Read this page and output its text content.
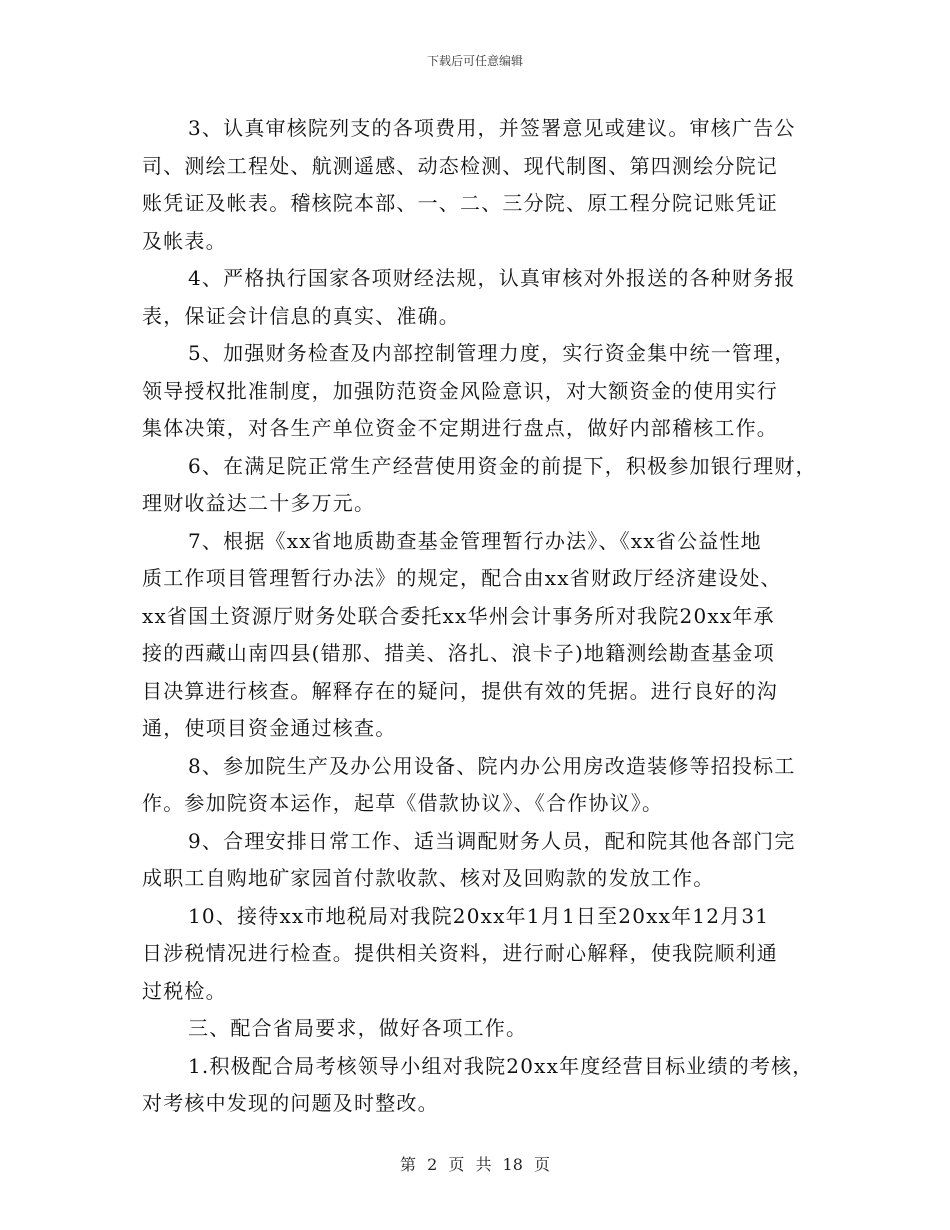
下载后可任意编辑
3、认真审核院列支的各项费用，并签署意见或建议。审核广告公
司、测绘工程处、航测遥感、动态检测、现代制图、第四测绘分院记
账凭证及帐表。稽核院本部、一、二、三分院、原工程分院记账凭证
及帐表。
4、严格执行国家各项财经法规，认真审核对外报送的各种财务报
表，保证会计信息的真实、准确。
5、加强财务检查及内部控制管理力度，实行资金集中统一管理，
领导授权批准制度，加强防范资金风险意识，对大额资金的使用实行
集体决策，对各生产单位资金不定期进行盘点，做好内部稽核工作。
6、在满足院正常生产经营使用资金的前提下，积极参加银行理财，
理财收益达二十多万元。
7、根据《xx省地质勘查基金管理暂行办法》、《xx省公益性地
质工作项目管理暂行办法》的规定，配合由xx省财政厅经济建设处、
xx省国土资源厅财务处联合委托xx华州会计事务所对我院20xx年承
接的西藏山南四县(错那、措美、洛扎、浪卡子)地籍测绘勘查基金项
目决算进行核查。解释存在的疑问，提供有效的凭据。进行良好的沟
通，使项目资金通过核查。
8、参加院生产及办公用设备、院内办公用房改造装修等招投标工
作。参加院资本运作，起草《借款协议》、《合作协议》。
9、合理安排日常工作、适当调配财务人员，配和院其他各部门完
成职工自购地矿家园首付款收款、核对及回购款的发放工作。
10、接待xx市地税局对我院20xx年1月1日至20xx年12月31
日涉税情况进行检查。提供相关资料，进行耐心解释，使我院顺利通
过税检。
三、配合省局要求，做好各项工作。
1.积极配合局考核领导小组对我院20xx年度经营目标业绩的考核，
对考核中发现的问题及时整改。
第 2 页 共 18 页
